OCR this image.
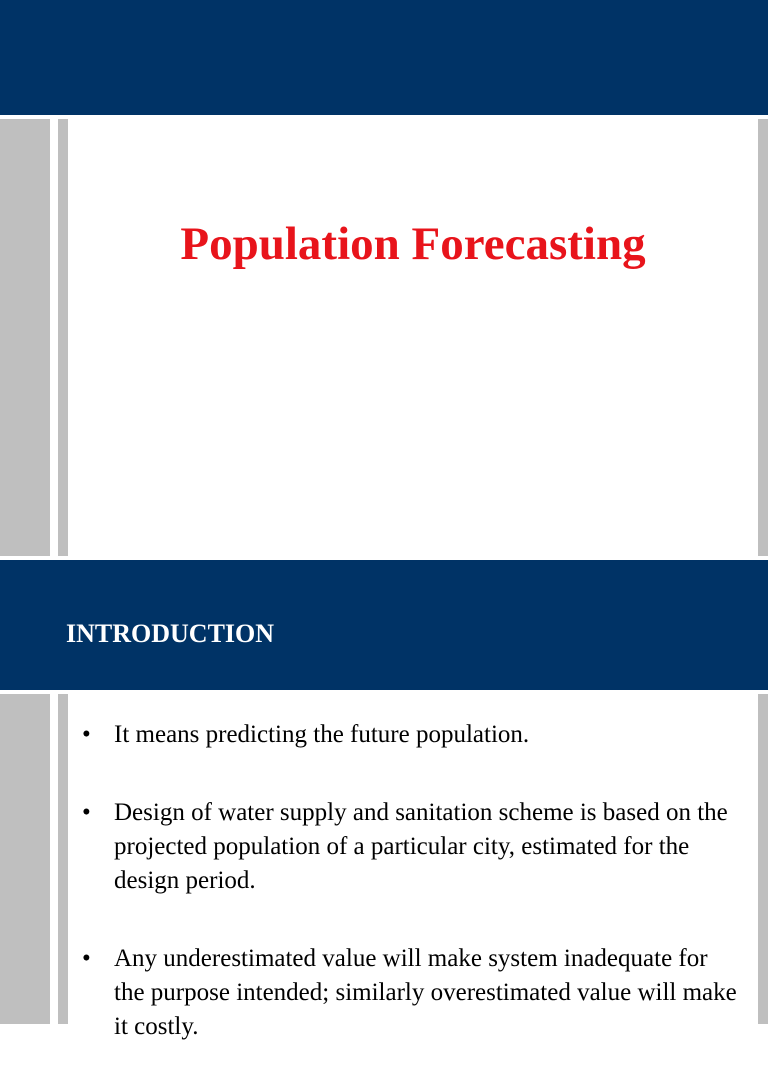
Population Forecasting
INTRODUCTION
• It means predicting the future population.
• Design of water supply and sanitation scheme is based on the projected population of a particular city, estimated for the design period.
• Any underestimated value will make system inadequate for the purpose intended; similarly overestimated value will make it costly.
